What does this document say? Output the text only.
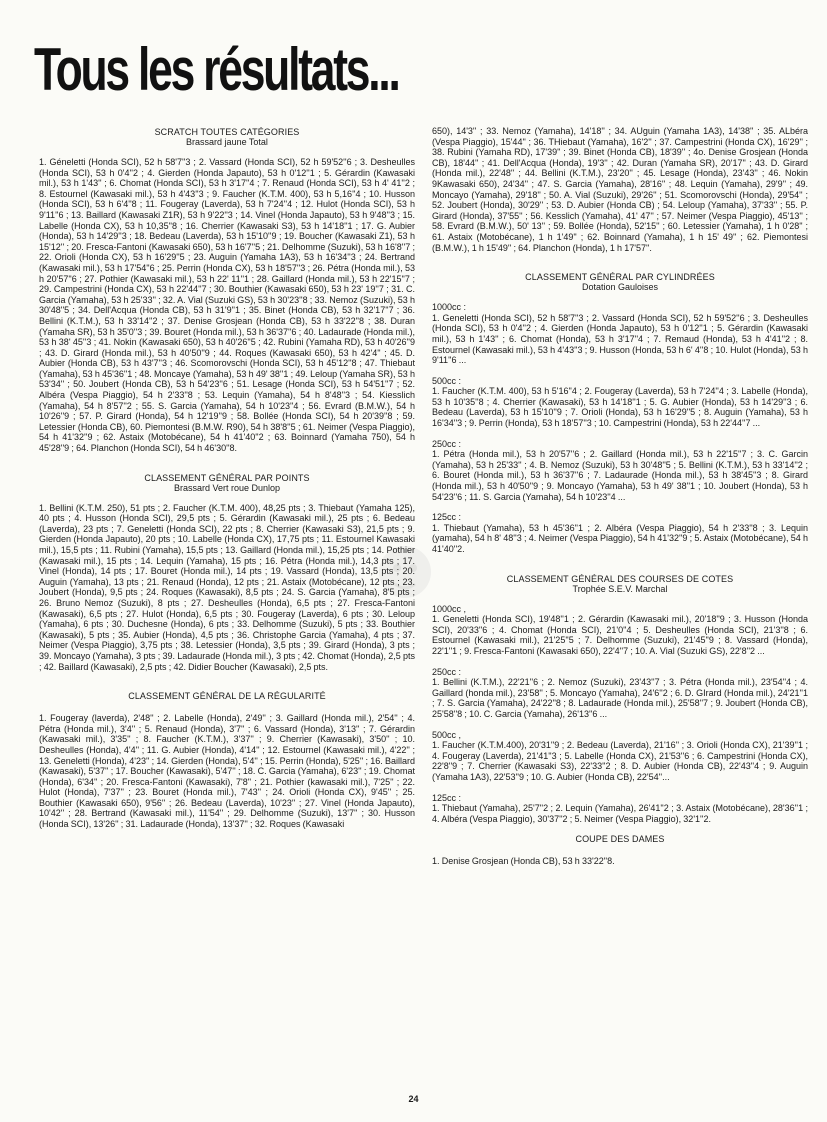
Tous les résultats...

SCRATCH TOUTES CATÉGORIES

Brassard jaune Total

1. Géneletti (Honda SCI), 52 h 58'7''3 ; 2. Vassard (Honda SCI), 52 h 59'52''6 ; 3. Desheulles (Honda SCI), 53 h 0'4''2 ; 4. Gierden (Honda Japauto), 53 h 0'12''1 ; 5. Gérardin (Kawasaki mil.), 53 h 1'43'' ; 6. Chomat (Honda SCI), 53 h 3'17''4 ; 7. Renaud (Honda SCI), 53 h 4' 41''2 ; 8. Estournel (Kawasaki mil.), 53 h 4'43''3 ; 9. Faucher (K.T.M. 400), 53 h 5,16''4 ; 10. Husson (Honda SCI), 53 h 6'4''8 ; 11. Fougeray (Laverda), 53 h 7'24''4 ; 12. Hulot (Honda SCI), 53 h 9'11''6 ; 13. Baillard (Kawasaki Z1R), 53 h 9'22''3 ; 14. Vinel (Honda Japauto), 53 h 9'48''3 ; 15. Labelle (Honda CX), 53 h 10,35''8 ; 16. Cherrier (Kawasaki S3), 53 h 14'18''1 ; 17. G. Aubier (Honda), 53 h 14'29''3 ; 18. Bedeau (Laverda), 53 h 15'10''9 ; 19. Boucher (Kawasaki Z1), 53 h 15'12'' ; 20. Fresca-Fantoni (Kawasaki 650), 53 h 16'7''5 ; 21. Delhomme (Suzuki), 53 h 16'8''7 ; 22. Orioli (Honda CX), 53 h 16'29''5 ; 23. Auguin (Yamaha 1A3), 53 h 16'34''3 ; 24. Bertrand (Kawasaki mil.), 53 h 17'54''6 ; 25. Perrin (Honda CX), 53 h 18'57''3 ; 26. Pétra (Honda mil.), 53 h 20'57''6 ; 27. Pothier (Kawasaki mil.), 53 h 22' 11''1 ; 28. Gaillard (Honda mil.), 53 h 22'15''7 ; 29. Campestrini (Honda CX), 53 h 22'44''7 ; 30. Bouthier (Kawasaki 650), 53 h 23' 19''7 ; 31. C. Garcia (Yamaha), 53 h 25'33'' ; 32. A. Vial (Suzuki GS), 53 h 30'23''8 ; 33. Nemoz (Suzuki), 53 h 30'48''5 ; 34. Dell'Acqua (Honda CB), 53 h 31'9''1 ; 35. Binet (Honda CB), 53 h 32'17''7 ; 36. Bellini (K.T.M.), 53 h 33'14''2 ; 37. Denise Grosjean (Honda CB), 53 h 33'22''8 ; 38. Duran (Yamaha SR), 53 h 35'0''3 ; 39. Bouret (Honda mil.), 53 h 36'37''6 ; 40. Ladaurade (Honda mil.), 53 h 38' 45''3 ; 41. Nokin (Kawasaki 650), 53 h 40'26''5 ; 42. Rubini (Yamaha RD), 53 h 40'26''9 ; 43. D. Girard (Honda mil.), 53 h 40'50''9 ; 44. Roques (Kawasaki 650), 53 h 42'4'' ; 45. D. Aubier (Honda CB), 53 h 43'7''3 ; 46. Scomorovschi (Honda SCI), 53 h 45'12''8 ; 47. Thiebaut (Yamaha), 53 h 45'36''1 ; 48. Moncaye (Yamaha), 53 h 49' 38''1 ; 49. Leloup (Yamaha SR), 53 h 53'34'' ; 50. Joubert (Honda CB), 53 h 54'23''6 ; 51. Lesage (Honda SCI), 53 h 54'51''7 ; 52. Albéra (Vespa Piaggio), 54 h 2'33''8 ; 53. Lequin (Yamaha), 54 h 8'48''3 ; 54. Kiesslich (Yamaha), 54 h 8'57''2 ; 55. S. Garcia (Yamaha), 54 h 10'23''4 ; 56. Evrard (B.M.W.), 54 h 10'26''9 ; 57. P. Girard (Honda), 54 h 12'19''9 ; 58. Bollée (Honda SCI), 54 h 20'39''8 ; 59. Letessier (Honda CB), 60. Piemontesi (B.M.W. R90), 54 h 38'8''5 ; 61. Neimer (Vespa Piaggio), 54 h 41'32''9 ; 62. Astaix (Motobécane), 54 h 41'40''2 ; 63. Boinnard (Yamaha 750), 54 h 45'28''9 ; 64. Planchon (Honda SCI), 54 h 46'30''8.

CLASSEMENT GÉNÉRAL PAR POINTS

Brassard Vert roue Dunlop

1. Bellini (K.T.M. 250), 51 pts ; 2. Faucher (K.T.M. 400), 48,25 pts ; 3. Thiebaut (Yamaha 125), 40 pts ; 4. Husson (Honda SCI), 29,5 pts ; 5. Gérardin (Kawasaki mil.), 25 pts ; 6. Bedeau (Laverda), 23 pts ; 7. Geneletti (Honda SCI), 22 pts ; 8. Cherrier (Kawasaki S3), 21,5 pts ; 9. Gierden (Honda Japauto), 20 pts ; 10. Labelle (Honda CX), 17,75 pts ; 11. Estournel Kawasaki mil.), 15,5 pts ; 11. Rubini (Yamaha), 15,5 pts ; 13. Gaillard (Honda mil.), 15,25 pts ; 14. Pothier (Kawasaki mil.), 15 pts ; 14. Lequin (Yamaha), 15 pts ; 16. Pétra (Honda mil.), 14,3 pts ; 17. Vinel (Honda), 14 pts ; 17. Bouret (Honda mil.), 14 pts ; 19. Vassard (Honda), 13,5 pts ; 20. Auguin (Yamaha), 13 pts ; 21. Renaud (Honda), 12 pts ; 21. Astaix (Motobécane), 12 pts ; 23. Joubert (Honda), 9,5 pts ; 24. Roques (Kawasaki), 8,5 pts ; 24. S. Garcia (Yamaha), 8'5 pts ; 26. Bruno Nemoz (Suzuki), 8 pts ; 27. Desheulles (Honda), 6,5 pts ; 27. Fresca-Fantoni (Kawasaki), 6,5 pts ; 27. Hulot (Honda), 6,5 pts ; 30. Fougeray (Laverda), 6 pts ; 30. Leloup (Yamaha), 6 pts ; 30. Duchesne (Honda), 6 pts ; 33. Delhomme (Suzuki), 5 pts ; 33. Bouthier (Kawasaki), 5 pts ; 35. Aubier (Honda), 4,5 pts ; 36. Christophe Garcia (Yamaha), 4 pts ; 37. Neimer (Vespa Piaggio), 3,75 pts ; 38. Letessier (Honda), 3,5 pts ; 39. Girard (Honda), 3 pts ; 39. Moncayo (Yamaha), 3 pts ; 39. Ladaurade (Honda mil.), 3 pts ; 42. Chomat (Honda), 2,5 pts ; 42. Baillard (Kawasaki), 2,5 pts ; 42. Didier Boucher (Kawasaki), 2,5 pts.

CLASSEMENT GÉNÉRAL DE LA RÉGULARITÉ

1. Fougeray (laverda), 2'48'' ; 2. Labelle (Honda), 2'49'' ; 3. Gaillard (Honda mil.), 2'54'' ; 4. Pétra (Honda mil.), 3'4'' ; 5. Renaud (Honda), 3'7'' ; 6. Vassard (Honda), 3'13'' ; 7. Gérardin (Kawasaki mil.), 3'35'' ; 8. Faucher (K.T.M.), 3'37'' ; 9. Cherrier (Kawasaki), 3'50'' ; 10. Desheulles (Honda), 4'4'' ; 11. G. Aubier (Honda), 4'14'' ; 12. Estournel (Kawasaki mil.), 4'22'' ; 13. Geneletti (Honda), 4'23'' ; 14. Gierden (Honda), 5'4'' ; 15. Perrin (Honda), 5'25'' ; 16. Baillard (Kawasaki), 5'37'' ; 17. Boucher (Kawasaki), 5'47'' ; 18. C. Garcia (Yamaha), 6'23'' ; 19. Chomat (Honda), 6'34'' ; 20. Fresca-Fantoni (Kawasaki), 7'8'' ; 21. Pothier (kawasaki mil.), 7'25'' ; 22. Hulot (Honda), 7'37'' ; 23. Bouret (Honda mil.), 7'43'' ; 24. Orioli (Honda CX), 9'45'' ; 25. Bouthier (Kawasaki 650), 9'56'' ; 26. Bedeau (Laverda), 10'23'' ; 27. Vinel (Honda Japauto), 10'42'' ; 28. Bertrand (Kawasaki mil.), 11'54'' ; 29. Delhomme (Suzuki), 13'7'' ; 30. Husson (Honda SCI), 13'26'' ; 31. Ladaurade (Honda), 13'37'' ; 32. Roques (Kawasaki

650), 14'3'' ; 33. Nemoz (Yamaha), 14'18'' ; 34. AUguin (Yamaha 1A3), 14'38'' ; 35. ALbéra (Vespa Piaggio), 15'44'' ; 36. THiebaut (Yamaha), 16'2'' ; 37. Campestrini (Honda CX), 16'29'' ; 38. Rubini (Yamaha RD), 17'39'' ; 39. Binet (Honda CB), 18'39'' ; 4o. Denise Grosjean (Honda CB), 18'44'' ; 41. Dell'Acqua (Honda), 19'3'' ; 42. Duran (Yamaha SR), 20'17'' ; 43. D. Girard (Honda mil.), 22'48'' ; 44. Bellini (K.T.M.), 23'20'' ; 45. Lesage (Honda), 23'43'' ; 46. Nokin 9Kawasaki 650), 24'34'' ; 47. S. Garcia (Yamaha), 28'16'' ; 48. Lequin (Yamaha), 29'9'' ; 49. Moncayo (Yamaha), 29'18'' ; 50. A. Vial (Suzuki), 29'26'' ; 51. Scomorovschi (Honda), 29'54'' ; 52. Joubert (Honda), 30'29'' ; 53. D. Aubier (Honda CB) ; 54. Leloup (Yamaha), 37'33'' ; 55. P. Girard (Honda), 37'55'' ; 56. Kesslich (Yamaha), 41' 47'' ; 57. Neimer (Vespa Piaggio), 45'13'' ; 58. Evrard (B.M.W.), 50' 13'' ; 59. Bollée (Honda), 52'15'' ; 60. Letessier (Yamaha), 1 h 0'28'' ; 61. Astaix (Motobécane), 1 h 1'49'' ; 62. Boinnard (Yamaha), 1 h 15' 49'' ; 62. Piemontesi (B.M.W.), 1 h 15'49'' ; 64. Planchon (Honda), 1 h 17'57''.

CLASSEMENT GÉNÉRAL PAR CYLINDRÉES

Dotation Gauloises

1000cc :

1. Geneletti (Honda SCI), 52 h 58'7''3 ; 2. Vassard (Honda SCI), 52 h 59'52''6 ; 3. Desheulles (Honda SCI), 53 h 0'4''2 ; 4. Gierden (Honda Japauto), 53 h 0'12''1 ; 5. Gérardin (Kawasaki mil.), 53 h 1'43'' ; 6. Chomat (Honda), 53 h 3'17''4 ; 7. Remaud (Honda), 53 h 4'41''2 ; 8. Estournel (Kawasaki mil.), 53 h 4'43''3 ; 9. Husson (Honda, 53 h 6' 4''8 ; 10. Hulot (Honda), 53 h 9'11''6 ...

500cc :

1. Faucher (K.T.M. 400), 53 h 5'16''4 ; 2. Fougeray (Laverda), 53 h 7'24''4 ; 3. Labelle (Honda), 53 h 10'35''8 ; 4. Cherrier (Kawasaki), 53 h 14'18''1 ; 5. G. Aubier (Honda), 53 h 14'29''3 ; 6. Bedeau (Laverda), 53 h 15'10''9 ; 7. Orioli (Honda), 53 h 16'29''5 ; 8. Auguin (Yamaha), 53 h 16'34''3 ; 9. Perrin (Honda), 53 h 18'57''3 ; 10. Campestrini (Honda), 53 h 22'44''7 ...

250cc :

1. Pétra (Honda mil.), 53 h 20'57''6 ; 2. Gaillard (Honda mil.), 53 h 22'15''7 ; 3. C. Garcin (Yamaha), 53 h 25'33'' ; 4. B. Nemoz (Suzuki), 53 h 30'48''5 ; 5. Bellini (K.T.M.), 53 h 33'14''2 ; 6. Bouret (Honda mil.), 53 h 36'37''6 ; 7. Ladaurade (Honda mil.), 53 h 38'45''3 ; 8. Girard (Honda mil.), 53 h 40'50''9 ; 9. Moncayo (Yamaha), 53 h 49' 38''1 ; 10. Joubert (Honda), 53 h 54'23''6 ; 11. S. Garcia (Yamaha), 54 h 10'23''4 ...

125cc :

1. Thiebaut (Yamaha), 53 h 45'36''1 ; 2. Albéra (Vespa Piaggio), 54 h 2'33''8 ; 3. Lequin (yamaha), 54 h 8' 48''3 ; 4. Neimer (Vespa Piaggio), 54 h 41'32''9 ; 5. Astaix (Motobécane), 54 h 41'40''2.

CLASSEMENT GÉNÉRAL DES COURSES DE COTES

Trophée S.E.V. Marchal

1000cc ,

1. Geneletti (Honda SCI), 19'48''1 ; 2. Gérardin (Kawasaki mil.), 20'18''9 ; 3. Husson (Honda SCI), 20'33''6 ; 4. Chomat (Honda SCI), 21'0''4 ; 5. Desheulles (Honda SCI), 21'3''8 ; 6. Estournel (Kawasaki mil.), 21'25''5 ; 7. Delhomme (Suzuki), 21'45''9 ; 8. Vassard (Honda), 22'1''1 ; 9. Fresca-Fantoni (Kawasaki 650), 22'4''7 ; 10. A. Vial (Suzuki GS), 22'8''2 ...

250cc :

1. Bellini (K.T.M.), 22'21''6 ; 2. Nemoz (Suzuki), 23'43''7 ; 3. Pétra (Honda mil.), 23'54''4 ; 4. Gaillard (honda mil.), 23'58'' ; 5. Moncayo (Yamaha), 24'6''2 ; 6. D. GIrard (Honda mil.), 24'21''1 ; 7. S. Garcia (Yamaha), 24'22''8 ; 8. Ladaurade (Honda mil.), 25'58''7 ; 9. Joubert (Honda CB), 25'58''8 ; 10. C. Garcia (Yamaha), 26'13''6 ...

500cc ,

1. Faucher (K.T.M.400), 20'31''9 ; 2. Bedeau (Laverda), 21'16'' ; 3. Orioli (Honda CX), 21'39''1 ; 4. Fougeray (Laverda), 21'41''3 ; 5. Labelle (Honda CX), 21'53''6 ; 6. Campestrini (Honda CX), 22'8''9 ; 7. Cherrier (Kawasaki S3), 22'33''2 ; 8. D. Aubier (Honda CB), 22'43''4 ; 9. Auguin (Yamaha 1A3), 22'53''9 ; 10. G. Aubier (Honda CB), 22'54''...

125cc :

1. Thiebaut (Yamaha), 25'7''2 ; 2. Lequin (Yamaha), 26'41''2 ; 3. Astaix (Motobécane), 28'36''1 ; 4. Albéra (Vespa Piaggio), 30'37''2 ; 5. Neimer (Vespa Piaggio), 32'1''2.

COUPE DES DAMES

1. Denise Grosjean (Honda CB), 53 h 33'22''8.

24
